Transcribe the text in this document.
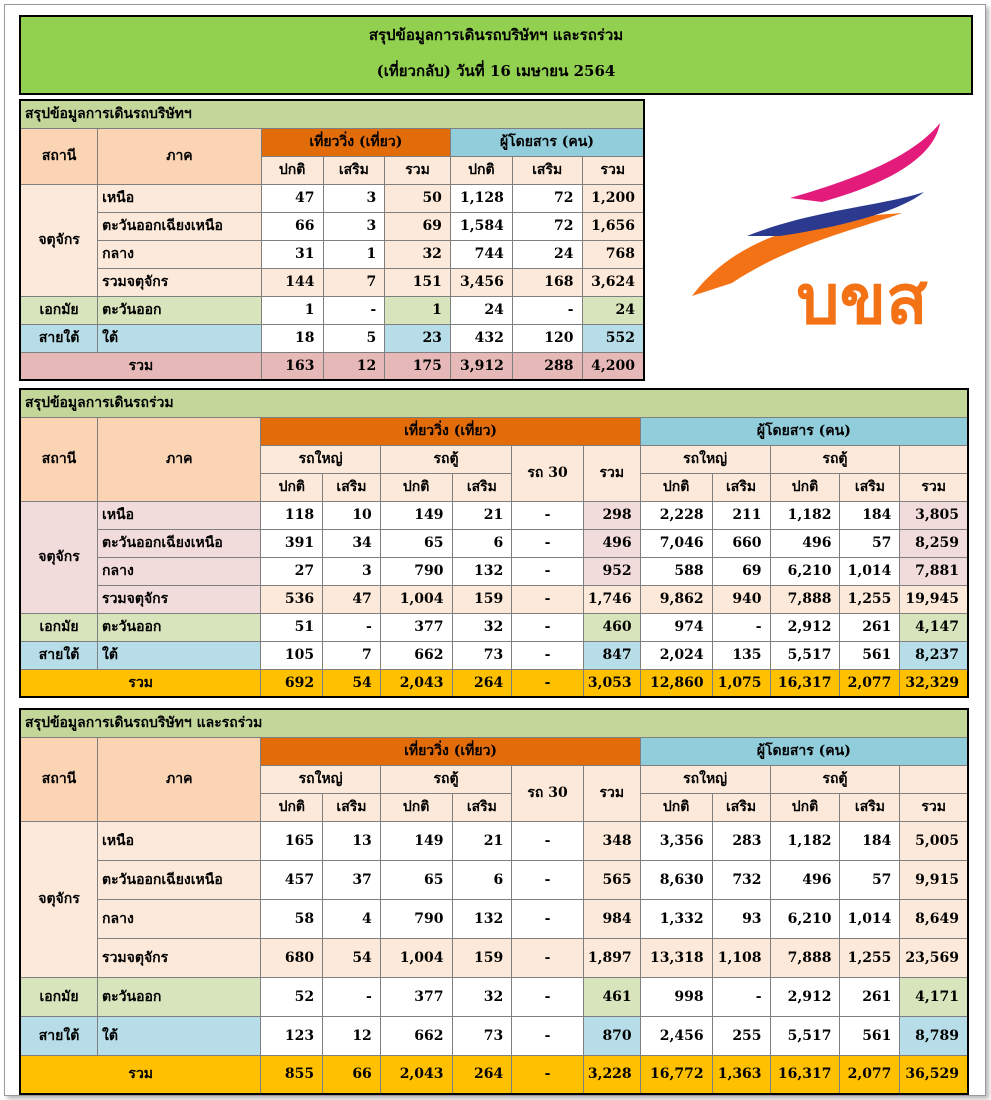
สรุปข้อมูลการเดินรถบริษัทฯ และรถร่วม
(เที่ยวกลับ) วันที่ 16 เมษายน 2564
สรุปข้อมูลการเดินรถบริษัทฯ							
สถานี	ภาค	เที่ยววิ่ง (เที่ยว)			ผู้โดยสาร (คน)		
		ปกติ	เสริม	รวม	ปกติ	เสริม	รวม
จตุจักร	เหนือ	47	3	50	1,128	72	1,200
	ตะวันออกเฉียงเหนือ	66	3	69	1,584	72	1,656
	กลาง	31	1	32	744	24	768
	รวมจตุจักร	144	7	151	3,456	168	3,624
เอกมัย	ตะวันออก	1	-	1	24	-	24
สายใต้	ใต้	18	5	23	432	120	552
รวม		163	12	175	3,912	288	4,200
สรุปข้อมูลการเดินรถร่วม												
สถานี	ภาค	เที่ยววิ่ง (เที่ยว)						ผู้โดยสาร (คน)				
		รถใหญ่		รถตู้		รถ 30	รวม	รถใหญ่		รถตู้		
		ปกติ	เสริม	ปกติ	เสริม			ปกติ	เสริม	ปกติ	เสริม	รวม
จตุจักร	เหนือ	118	10	149	21	-	298	2,228	211	1,182	184	3,805
	ตะวันออกเฉียงเหนือ	391	34	65	6	-	496	7,046	660	496	57	8,259
	กลาง	27	3	790	132	-	952	588	69	6,210	1,014	7,881
	รวมจตุจักร	536	47	1,004	159	-	1,746	9,862	940	7,888	1,255	19,945
เอกมัย	ตะวันออก	51	-	377	32	-	460	974	-	2,912	261	4,147
สายใต้	ใต้	105	7	662	73	-	847	2,024	135	5,517	561	8,237
รวม		692	54	2,043	264	-	3,053	12,860	1,075	16,317	2,077	32,329
สรุปข้อมูลการเดินรถบริษัทฯ และรถร่วม												
สถานี	ภาค	เที่ยววิ่ง (เที่ยว)						ผู้โดยสาร (คน)				
		รถใหญ่		รถตู้		รถ 30	รวม	รถใหญ่		รถตู้		
		ปกติ	เสริม	ปกติ	เสริม			ปกติ	เสริม	ปกติ	เสริม	รวม
จตุจักร	เหนือ	165	13	149	21	-	348	3,356	283	1,182	184	5,005
	ตะวันออกเฉียงเหนือ	457	37	65	6	-	565	8,630	732	496	57	9,915
	กลาง	58	4	790	132	-	984	1,332	93	6,210	1,014	8,649
	รวมจตุจักร	680	54	1,004	159	-	1,897	13,318	1,108	7,888	1,255	23,569
เอกมัย	ตะวันออก	52	-	377	32	-	461	998	-	2,912	261	4,171
สายใต้	ใต้	123	12	662	73	-	870	2,456	255	5,517	561	8,789
รวม		855	66	2,043	264	-	3,228	16,772	1,363	16,317	2,077	36,529
บขส
